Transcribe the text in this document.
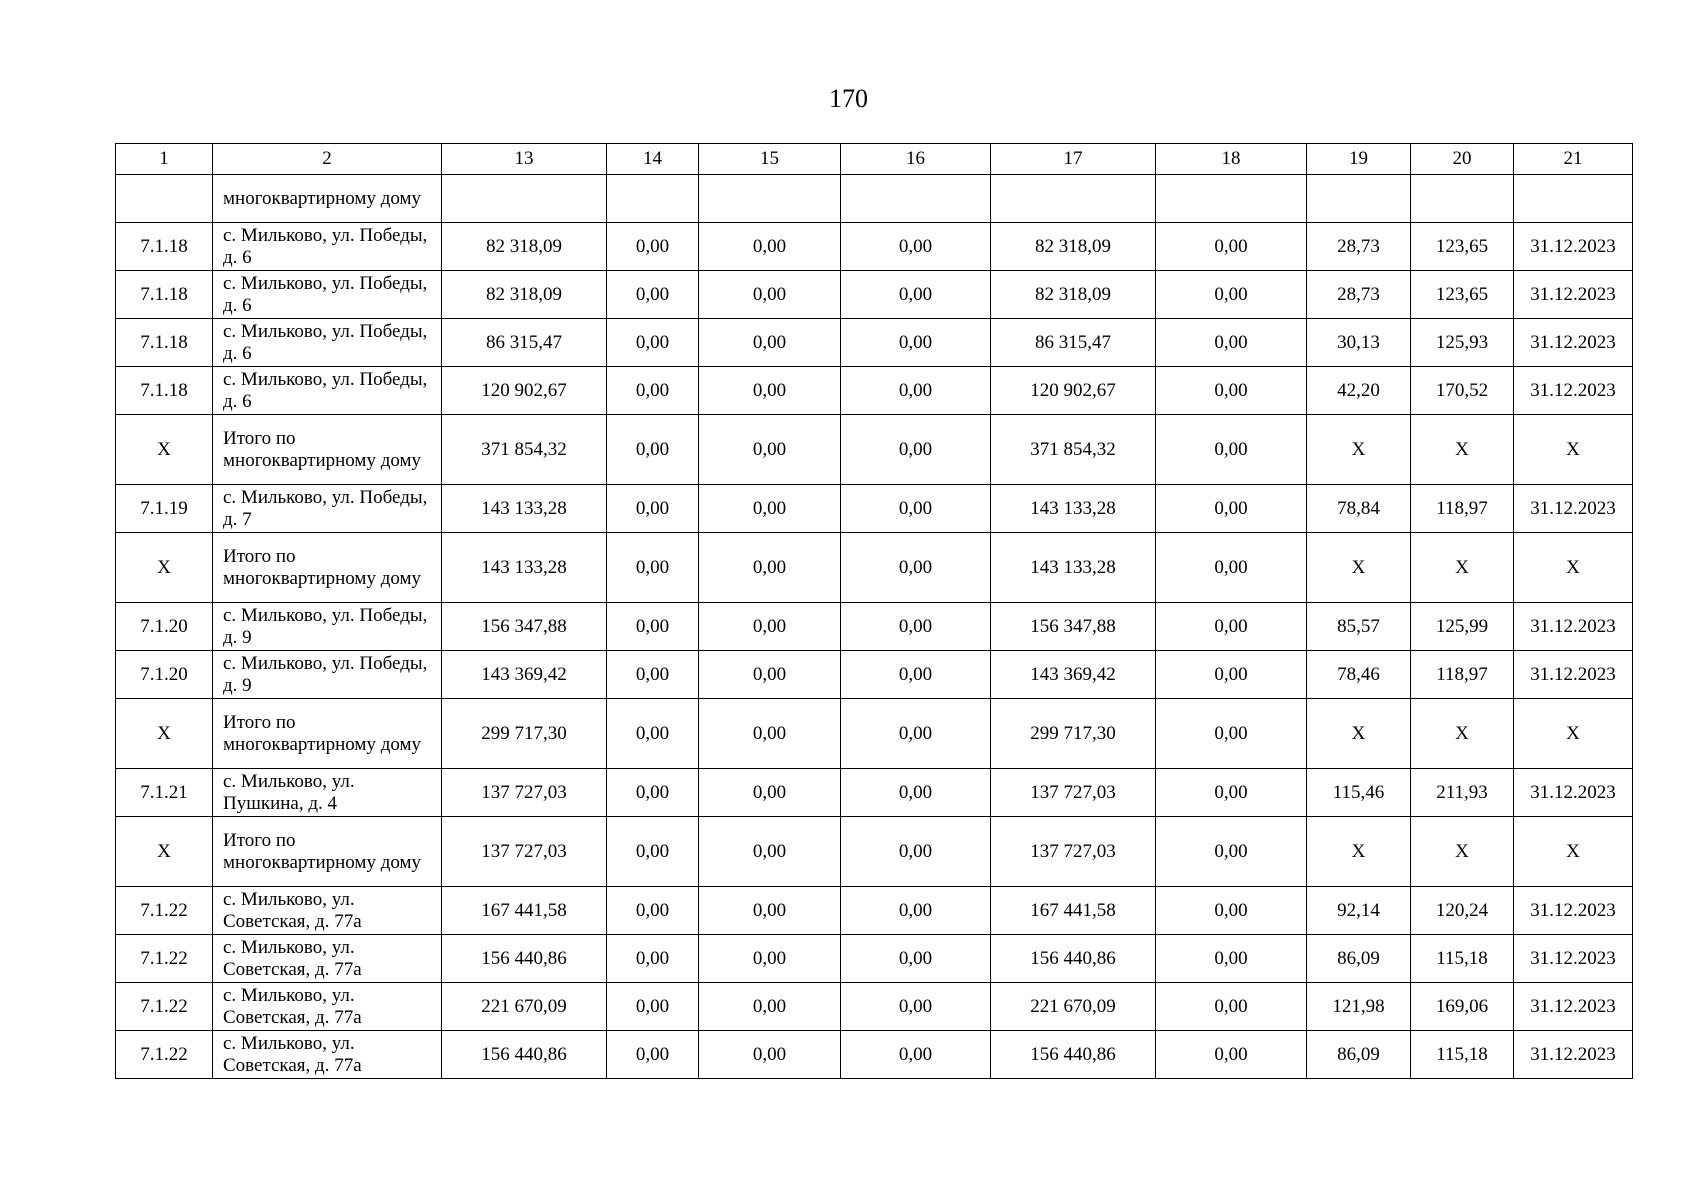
170
1	2	13	14	15	16	17	18	19	20	21
	многоквартирному дому									
7.1.18	с. Мильково, ул. Победы, д. 6	82 318,09	0,00	0,00	0,00	82 318,09	0,00	28,73	123,65	31.12.2023
7.1.18	с. Мильково, ул. Победы, д. 6	82 318,09	0,00	0,00	0,00	82 318,09	0,00	28,73	123,65	31.12.2023
7.1.18	с. Мильково, ул. Победы, д. 6	86 315,47	0,00	0,00	0,00	86 315,47	0,00	30,13	125,93	31.12.2023
7.1.18	с. Мильково, ул. Победы, д. 6	120 902,67	0,00	0,00	0,00	120 902,67	0,00	42,20	170,52	31.12.2023
X	Итого по многоквартирному дому	371 854,32	0,00	0,00	0,00	371 854,32	0,00	X	X	X
7.1.19	с. Мильково, ул. Победы, д. 7	143 133,28	0,00	0,00	0,00	143 133,28	0,00	78,84	118,97	31.12.2023
X	Итого по многоквартирному дому	143 133,28	0,00	0,00	0,00	143 133,28	0,00	X	X	X
7.1.20	с. Мильково, ул. Победы, д. 9	156 347,88	0,00	0,00	0,00	156 347,88	0,00	85,57	125,99	31.12.2023
7.1.20	с. Мильково, ул. Победы, д. 9	143 369,42	0,00	0,00	0,00	143 369,42	0,00	78,46	118,97	31.12.2023
X	Итого по многоквартирному дому	299 717,30	0,00	0,00	0,00	299 717,30	0,00	X	X	X
7.1.21	с. Мильково, ул. Пушкина, д. 4	137 727,03	0,00	0,00	0,00	137 727,03	0,00	115,46	211,93	31.12.2023
X	Итого по многоквартирному дому	137 727,03	0,00	0,00	0,00	137 727,03	0,00	X	X	X
7.1.22	с. Мильково, ул. Советская, д. 77а	167 441,58	0,00	0,00	0,00	167 441,58	0,00	92,14	120,24	31.12.2023
7.1.22	с. Мильково, ул. Советская, д. 77а	156 440,86	0,00	0,00	0,00	156 440,86	0,00	86,09	115,18	31.12.2023
7.1.22	с. Мильково, ул. Советская, д. 77а	221 670,09	0,00	0,00	0,00	221 670,09	0,00	121,98	169,06	31.12.2023
7.1.22	с. Мильково, ул. Советская, д. 77а	156 440,86	0,00	0,00	0,00	156 440,86	0,00	86,09	115,18	31.12.2023
